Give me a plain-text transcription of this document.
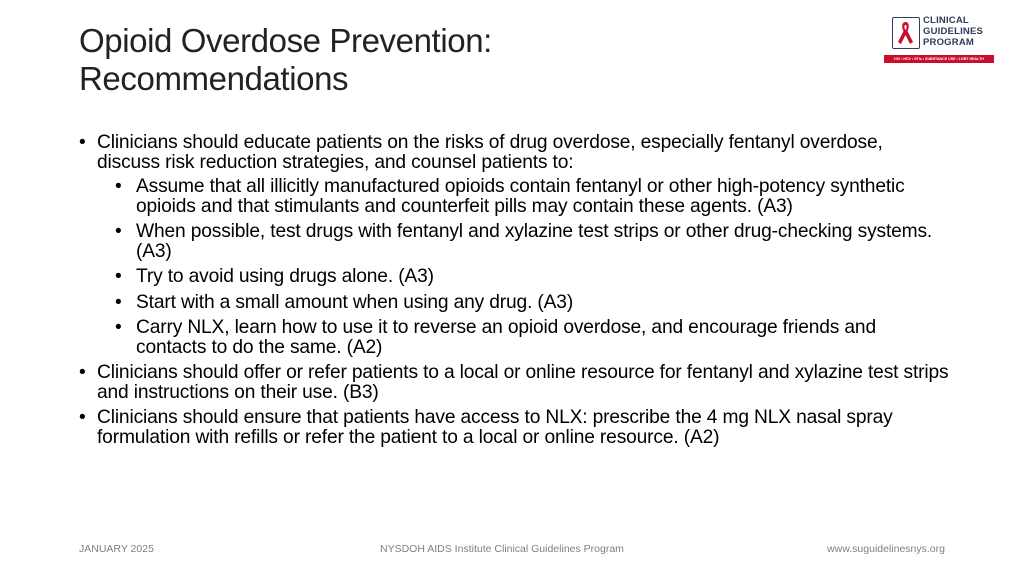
Opioid Overdose Prevention:
Recommendations
CLINICAL
GUIDELINES
PROGRAM
HIV • HCV • STIs • SUBSTANCE USE • LGBT HEALTH
• Clinicians should educate patients on the risks of drug overdose, especially fentanyl overdose, discuss risk reduction strategies, and counsel patients to:
• Assume that all illicitly manufactured opioids contain fentanyl or other high-potency synthetic opioids and that stimulants and counterfeit pills may contain these agents. (A3)
• When possible, test drugs with fentanyl and xylazine test strips or other drug-checking systems. (A3)
• Try to avoid using drugs alone. (A3)
• Start with a small amount when using any drug. (A3)
• Carry NLX, learn how to use it to reverse an opioid overdose, and encourage friends and contacts to do the same. (A2)
• Clinicians should offer or refer patients to a local or online resource for fentanyl and xylazine test strips and instructions on their use. (B3)
• Clinicians should ensure that patients have access to NLX: prescribe the 4 mg NLX nasal spray formulation with refills or refer the patient to a local or online resource. (A2)
JANUARY 2025	NYSDOH AIDS Institute Clinical Guidelines Program	www.suguidelinesnys.org
